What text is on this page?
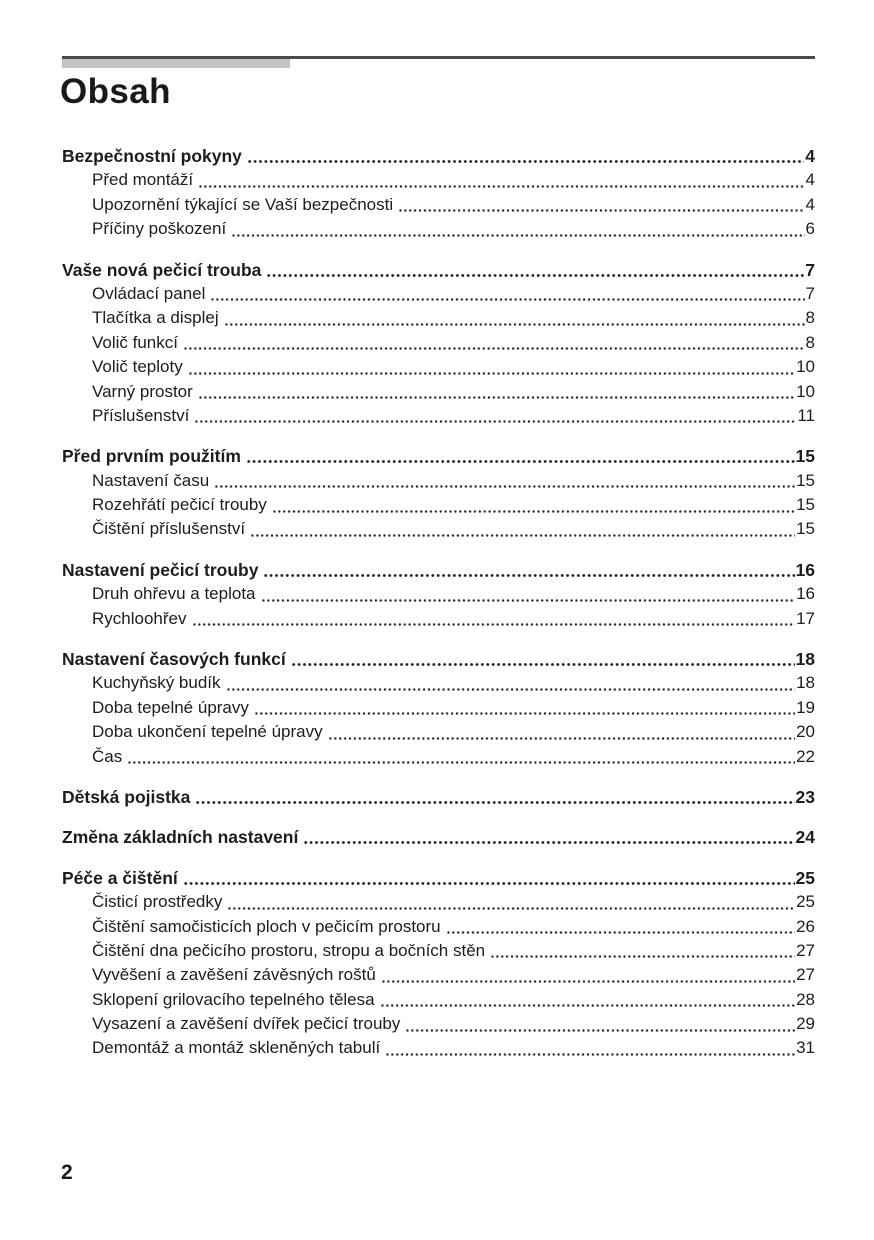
Obsah
Bezpečnostní pokyny	4
Před montáží	4
Upozornění týkající se Vaší bezpečnosti	4
Příčiny poškození	6
Vaše nová pečicí trouba	7
Ovládací panel	7
Tlačítka a displej	8
Volič funkcí	8
Volič teploty	10
Varný prostor	10
Příslušenství	11
Před prvním použitím	15
Nastavení času	15
Rozehřátí pečicí trouby	15
Čištění příslušenství	15
Nastavení pečicí trouby	16
Druh ohřevu a teplota	16
Rychloohřev	17
Nastavení časových funkcí	18
Kuchyňský budík	18
Doba tepelné úpravy	19
Doba ukončení tepelné úpravy	20
Čas	22
Dětská pojistka	23
Změna základních nastavení	24
Péče a čištění	25
Čisticí prostředky	25
Čištění samočisticích ploch v pečicím prostoru	26
Čištění dna pečicího prostoru, stropu a bočních stěn	27
Vyvěšení a zavěšení závěsných roštů	27
Sklopení grilovacího tepelného tělesa	28
Vysazení a zavěšení dvířek pečicí trouby	29
Demontáž a montáž skleněných tabulí	31
2
